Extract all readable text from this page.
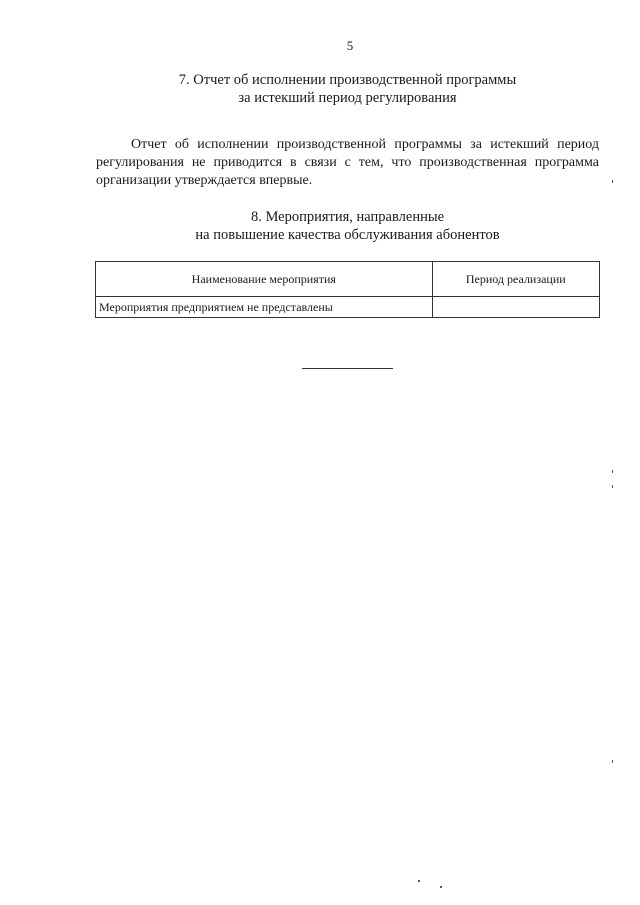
5
7. Отчет об исполнении производственной программы
за истекший период регулирования

Отчет об исполнении производственной программы за истекший период регулирования не приводится в связи с тем, что производственная программа организации утверждается впервые.

8. Мероприятия, направленные
на повышение качества обслуживания абонентов
Наименование мероприятия	Период реализации
Мероприятия предприятием не представлены	
